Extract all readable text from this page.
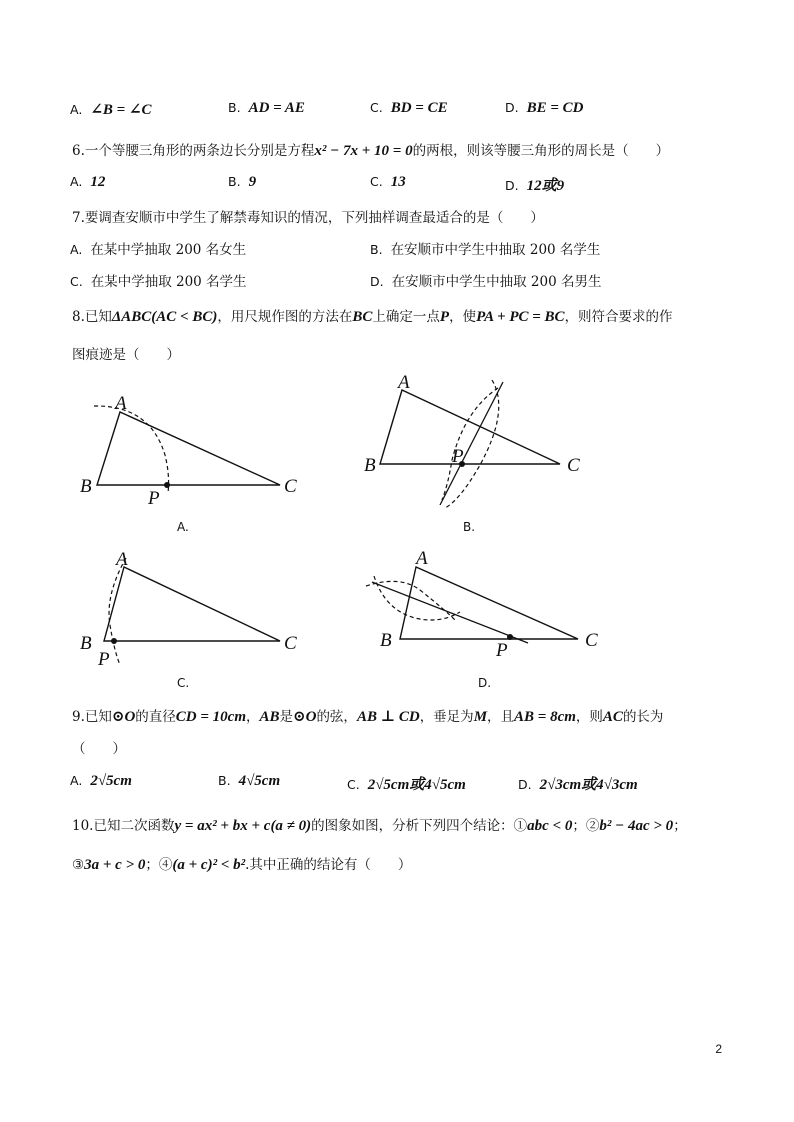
A. ∠B = ∠C	B. AD = AE	C. BD = CE	D. BE = CD
6.一个等腰三角形的两条边长分别是方程x² − 7x + 10 = 0的两根，则该等腰三角形的周长是（　　）
A. 12	B. 9	C. 13	D. 12或9
7.要调查安顺市中学生了解禁毒知识的情况，下列抽样调查最适合的是（　　）
A. 在某中学抽取 200 名女生	B. 在安顺市中学生中抽取 200 名学生
C. 在某中学抽取 200 名学生	D. 在安顺市中学生中抽取 200 名男生
8.已知ΔABC(AC < BC)，用尺规作图的方法在BC上确定一点P，使PA + PC = BC，则符合要求的作
图痕迹是（　　）
A
B	C
P
A.
A
B	C
P
B.
A
B	C
P
C.
A
B	C
P
D.
9.已知⊙O的直径CD = 10cm，AB是⊙O的弦，AB ⊥ CD，垂足为M，且AB = 8cm，则AC的长为
（　　）
A. 2√5cm	B. 4√5cm	C. 2√5cm或4√5cm	D. 2√3cm或4√3cm
10.已知二次函数y = ax² + bx + c(a ≠ 0)的图象如图，分析下列四个结论：①abc < 0；②b² − 4ac > 0；
③3a + c > 0；④(a + c)² < b².其中正确的结论有（　　）
2
